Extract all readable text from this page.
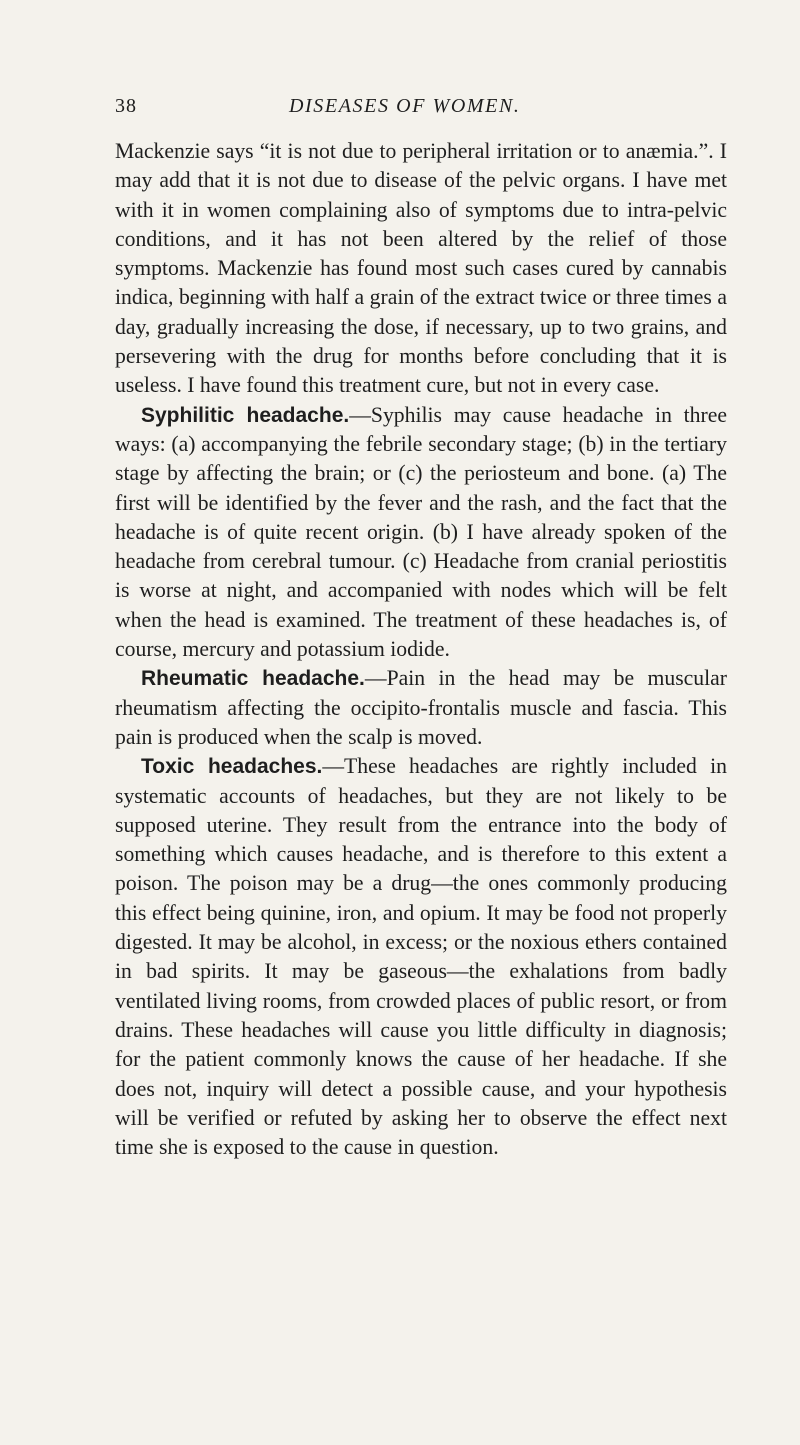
38	DISEASES OF WOMEN.

Mackenzie says “it is not due to peripheral irritation or to anæmia.”. I may add that it is not due to disease of the pelvic organs. I have met with it in women complaining also of symptoms due to intra-pelvic conditions, and it has not been altered by the relief of those symptoms. Mackenzie has found most such cases cured by cannabis indica, beginning with half a grain of the extract twice or three times a day, gradually increasing the dose, if necessary, up to two grains, and persevering with the drug for months before concluding that it is useless. I have found this treatment cure, but not in every case.

Syphilitic headache.—Syphilis may cause headache in three ways: (a) accompanying the febrile secondary stage; (b) in the tertiary stage by affecting the brain; or (c) the periosteum and bone. (a) The first will be identified by the fever and the rash, and the fact that the headache is of quite recent origin. (b) I have already spoken of the headache from cerebral tumour. (c) Headache from cranial periostitis is worse at night, and accompanied with nodes which will be felt when the head is examined. The treatment of these headaches is, of course, mercury and potassium iodide.

Rheumatic headache.—Pain in the head may be muscular rheumatism affecting the occipito-frontalis muscle and fascia. This pain is produced when the scalp is moved.

Toxic headaches.—These headaches are rightly included in systematic accounts of headaches, but they are not likely to be supposed uterine. They result from the entrance into the body of something which causes headache, and is therefore to this extent a poison. The poison may be a drug—the ones commonly producing this effect being quinine, iron, and opium. It may be food not properly digested. It may be alcohol, in excess; or the noxious ethers contained in bad spirits. It may be gaseous—the exhalations from badly ventilated living rooms, from crowded places of public resort, or from drains. These headaches will cause you little difficulty in diagnosis; for the patient commonly knows the cause of her headache. If she does not, inquiry will detect a possible cause, and your hypothesis will be verified or refuted by asking her to observe the effect next time she is exposed to the cause in question.
